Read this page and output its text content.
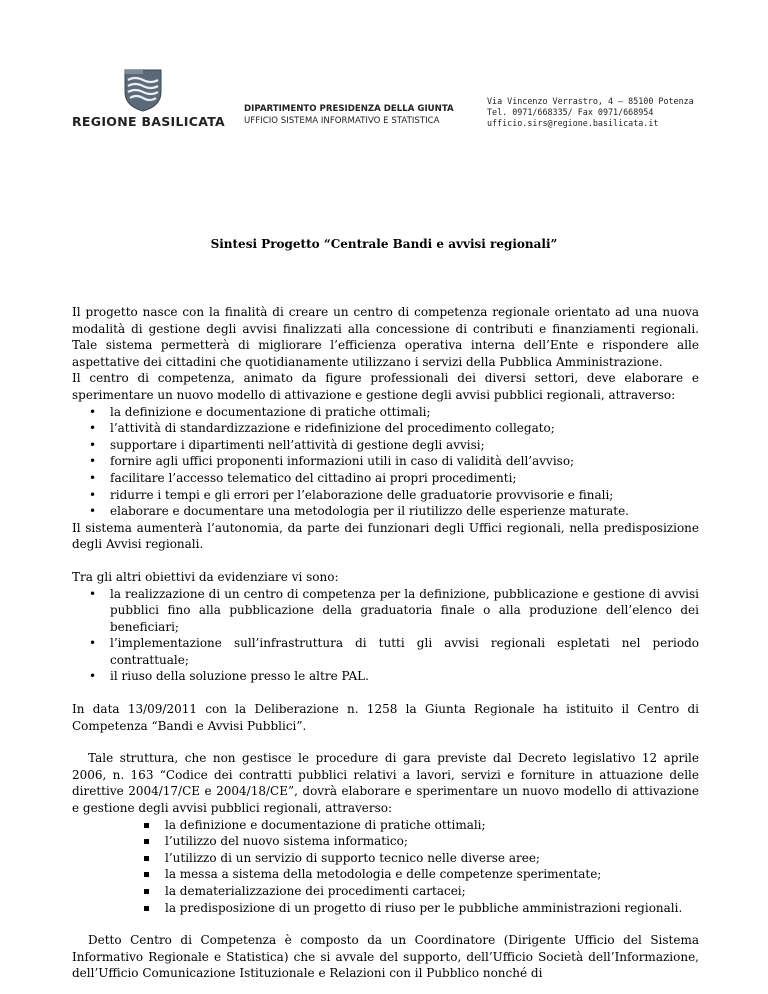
REGIONE BASILICATA
DIPARTIMENTO PRESIDENZA DELLA GIUNTA
UFFICIO SISTEMA INFORMATIVO E STATISTICA
Via Vincenzo Verrastro, 4 – 85100 Potenza
Tel. 0971/668335/ Fax 0971/668954
ufficio.sirs@regione.basilicata.it
Sintesi Progetto “Centrale Bandi e avvisi regionali”

Il progetto nasce con la finalità di creare un centro di competenza regionale orientato ad una nuova modalità di gestione degli avvisi finalizzati alla concessione di contributi e finanziamenti regionali. Tale sistema permetterà di migliorare l’efficienza operativa interna dell’Ente e rispondere alle aspettative dei cittadini che quotidianamente utilizzano i servizi della Pubblica Amministrazione.

Il centro di competenza, animato da figure professionali dei diversi settori, deve elaborare e sperimentare un nuovo modello di attivazione e gestione degli avvisi pubblici regionali, attraverso:

• la definizione e documentazione di pratiche ottimali;
• l’attività di standardizzazione e ridefinizione del procedimento collegato;
• supportare i dipartimenti nell’attività di gestione degli avvisi;
• fornire agli uffici proponenti informazioni utili in caso di validità dell’avviso;
• facilitare l’accesso telematico del cittadino ai propri procedimenti;
• ridurre i tempi e gli errori per l’elaborazione delle graduatorie provvisorie e finali;
• elaborare e documentare una metodologia per il riutilizzo delle esperienze maturate.

Il sistema aumenterà l’autonomia, da parte dei funzionari degli Uffici regionali, nella predisposizione degli Avvisi regionali.

Tra gli altri obiettivi da evidenziare vi sono:

• la realizzazione di un centro di competenza per la definizione, pubblicazione e gestione di avvisi pubblici fino alla pubblicazione della graduatoria finale o alla produzione dell’elenco dei beneficiari;
• l’implementazione sull’infrastruttura di tutti gli avvisi regionali espletati nel periodo contrattuale;
• il riuso della soluzione presso le altre PAL.

In data 13/09/2011 con la Deliberazione n. 1258 la Giunta Regionale ha istituito il Centro di Competenza “Bandi e Avvisi Pubblici”.

Tale struttura, che non gestisce le procedure di gara previste dal Decreto legislativo 12 aprile 2006, n. 163 “Codice dei contratti pubblici relativi a lavori, servizi e forniture in attuazione delle direttive 2004/17/CE e 2004/18/CE”, dovrà elaborare e sperimentare un nuovo modello di attivazione e gestione degli avvisi pubblici regionali, attraverso:

la definizione e documentazione di pratiche ottimali;
l’utilizzo del nuovo sistema informatico;
l’utilizzo di un servizio di supporto tecnico nelle diverse aree;
la messa a sistema della metodologia e delle competenze sperimentate;
la dematerializzazione dei procedimenti cartacei;
la predisposizione di un progetto di riuso per le pubbliche amministrazioni regionali.

Detto Centro di Competenza è composto da un Coordinatore (Dirigente Ufficio del Sistema Informativo Regionale e Statistica) che si avvale del supporto, dell’Ufficio Società dell’Informazione, dell’Ufficio Comunicazione Istituzionale e Relazioni con il Pubblico nonché di
